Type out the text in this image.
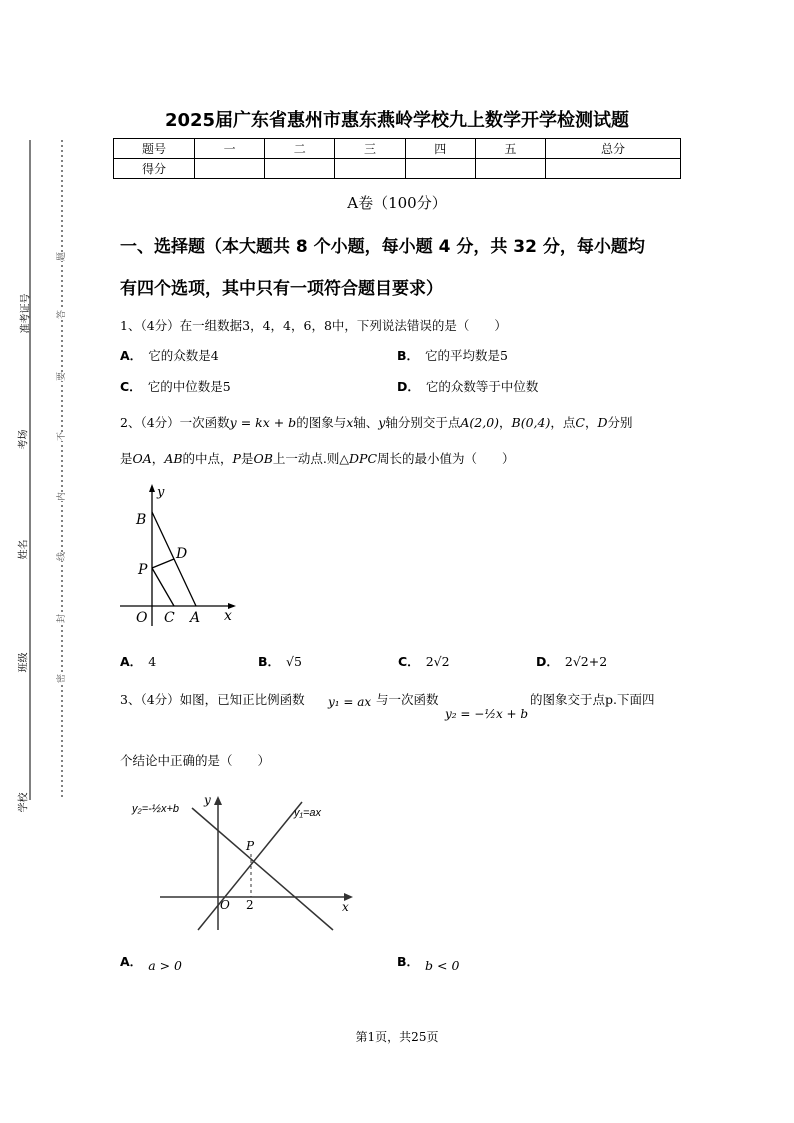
准考证号
考场
姓名
班级
学校
题
答
要
不
内
线
封
密
2025届广东省惠州市惠东燕岭学校九上数学开学检测试题
题号	一	二	三	四	五	总分
得分						
A卷（100分）
一、选择题（本大题共 8 个小题，每小题 4 分，共 32 分，每小题均
有四个选项，其中只有一项符合题目要求）
1、（4分）在一组数据3，4，4，6，8中，下列说法错误的是（　　）
A． 它的众数是4	B． 它的平均数是5
C． 它的中位数是5	D． 它的众数等于中位数
2、（4分）一次函数y = kx + b的图象与x轴、y轴分别交于点A(2,0)，B(0,4)，点C，D分别
是OA，AB的中点，P是OB上一动点.则△DPC周长的最小值为（　　）
y
B
D
P
O C A x
A． 4	B． √5	C． 2√2	D． 2√2+2
3、（4分）如图，已知正比例函数 y₁ = ax 与一次函数
y₂ = −½x + b
的图象交于点p.下面四
个结论中正确的是（　　）
y₂=-½x+b	y₁=ax
y
P
O 2	x
A． a > 0	B． b < 0
第1页，共25页
